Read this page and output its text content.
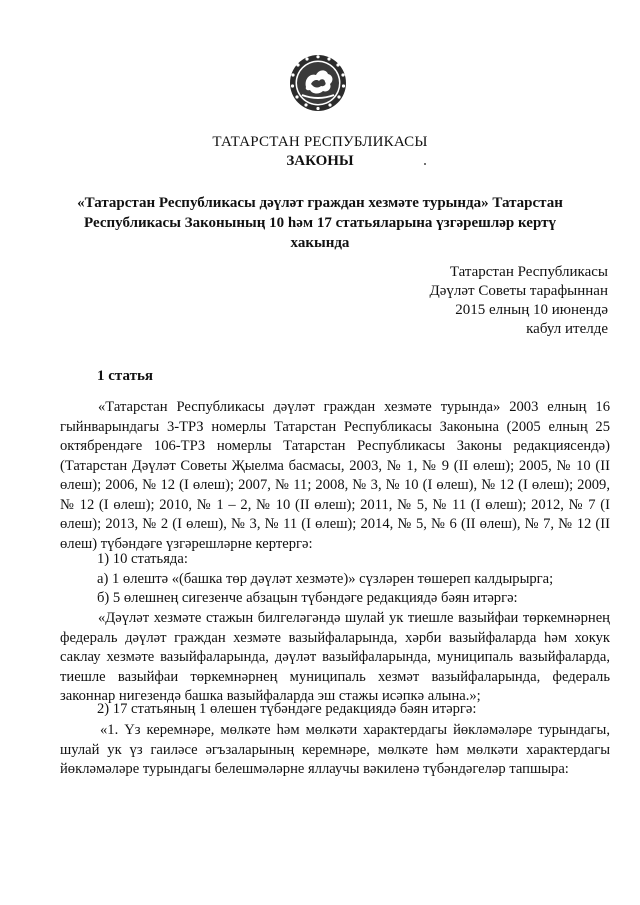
ТАТАРСТАН РЕСПУБЛИКАСЫ
ЗАКОНЫ
«Татарстан Республикасы дәүләт граждан хезмәте турында» Татарстан Республикасы Законының 10 һәм 17 статьяларына үзгәрешләр кертү хакында
Татарстан Республикасы
Дәүләт Советы тарафыннан
2015 елның 10 июнендә
кабул ителде
1 статья

«Татарстан Республикасы дәүләт граждан хезмәте турында» 2003 елның 16 гыйнварындагы 3-ТРЗ номерлы Татарстан Республикасы Законына (2005 елның 25 октябрендәге 106-ТРЗ номерлы Татарстан Республикасы Законы редакциясендә) (Татарстан Дәүләт Советы Җыелма басмасы, 2003, № 1, № 9 (II өлеш); 2005, № 10 (II өлеш); 2006, № 12 (I өлеш); 2007, № 11; 2008, № 3, № 10 (I өлеш), № 12 (I өлеш); 2009, № 12 (I өлеш); 2010, № 1 – 2, № 10 (II өлеш); 2011, № 5, № 11 (I өлеш); 2012, № 7 (I өлеш); 2013, № 2 (I өлеш), № 3, № 11 (I өлеш); 2014, № 5, № 6 (II өлеш), № 7, № 12 (II өлеш) түбәндәге үзгәрешләрне кертергә:

1) 10 статьяда:
а) 1 өлештә «(башка төр дәүләт хезмәте)» сүзләрен төшереп калдырырга;
б) 5 өлешнең сигезенче абзацын түбәндәге редакциядә бәян итәргә:

«Дәүләт хезмәте стажын билгеләгәндә шулай ук тиешле вазыйфаи төркемнәрнең федераль дәүләт граждан хезмәте вазыйфаларында, хәрби вазыйфаларда һәм хокук саклау хезмәте вазыйфаларында, дәүләт вазыйфаларында, муниципаль вазыйфаларда, тиешле вазыйфаи төркемнәрнең муниципаль хезмәт вазыйфаларында, федераль законнар нигезендә башка вазыйфаларда эш стажы исәпкә алына.»;

2) 17 статьяның 1 өлешен түбәндәге редакциядә бәян итәргә:

«1. Үз керемнәре, мөлкәте һәм мөлкәти характердагы йөкләмәләре турындагы, шулай ук үз гаиләсе әгъзаларының керемнәре, мөлкәте һәм мөлкәти характердагы йөкләмәләре турындагы белешмәләрне яллаучы вәкиленә түбәндәгеләр тапшыра:
